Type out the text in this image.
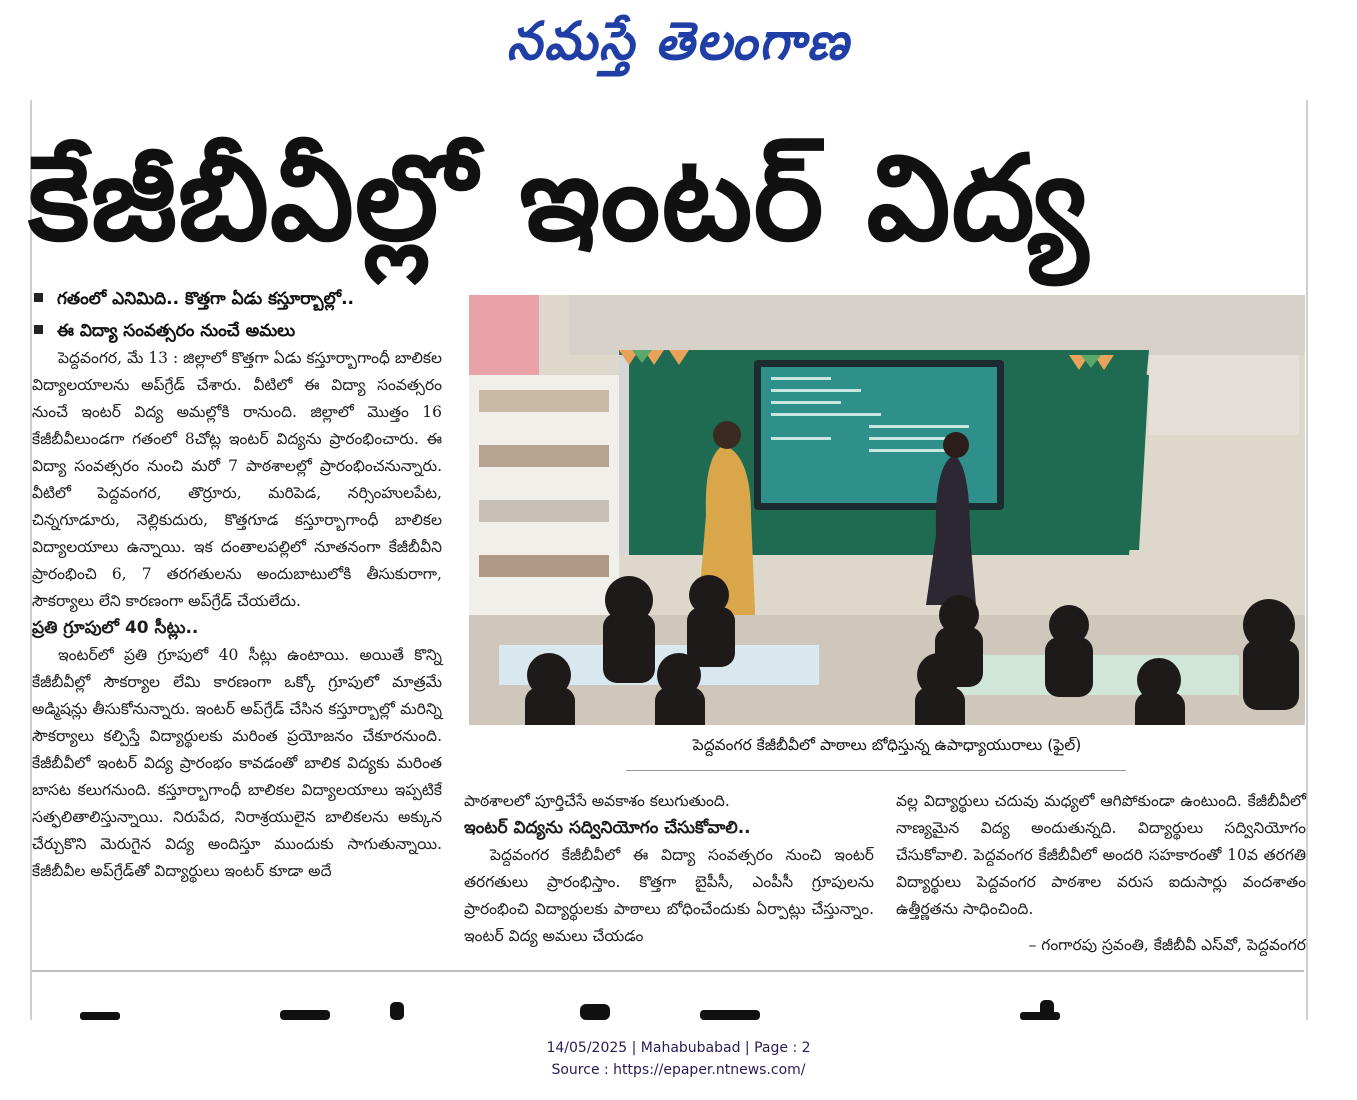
నమస్తే తెలంగాణ
కేజీబీవీల్లో ఇంటర్ విద్య
గతంలో ఎనిమిది.. కొత్తగా ఏడు కస్తూర్బాల్లో..
ఈ విద్యా సంవత్సరం నుంచే అమలు

పెద్దవంగర, మే 13 : జిల్లాలో కొత్తగా ఏడు కస్తూర్బాగాంధీ బాలికల విద్యాలయాలను అప్‌గ్రేడ్ చేశారు. వీటిలో ఈ విద్యా సంవత్సరం నుంచే ఇంటర్ విద్య అమల్లోకి రానుంది. జిల్లాలో మొత్తం 16 కేజీబీవీలుండగా గతంలో 8చోట్ల ఇంటర్ విద్యను ప్రారంభించారు. ఈ విద్యా సంవత్సరం నుంచి మరో 7 పాఠశాలల్లో ప్రారంభించనున్నారు. వీటిలో పెద్దవంగర, తొర్రూరు, మరిపెడ, నర్సింహులపేట, చిన్నగూడూరు, నెల్లికుదురు, కొత్తగూడ కస్తూర్బాగాంధీ బాలికల విద్యాలయాలు ఉన్నాయి. ఇక దంతాలపల్లిలో నూతనంగా కేజీబీవీని ప్రారంభించి 6, 7 తరగతులను అందుబాటులోకి తీసుకురాగా, సౌకర్యాలు లేని కారణంగా అప్‌గ్రేడ్ చేయలేదు.

ప్రతి గ్రూపులో 40 సీట్లు..

ఇంటర్‌లో ప్రతి గ్రూపులో 40 సీట్లు ఉంటాయి. అయితే కొన్ని కేజీబీవీల్లో సౌకర్యాల లేమి కారణంగా ఒక్కో గ్రూపులో మాత్రమే అడ్మిషన్లు తీసుకోనున్నారు. ఇంటర్ అప్‌గ్రేడ్ చేసిన కస్తూర్బాల్లో మరిన్ని సౌకర్యాలు కల్పిస్తే విద్యార్థులకు మరింత ప్రయోజనం చేకూరనుంది. కేజీబీవీలో ఇంటర్ విద్య ప్రారంభం కావడంతో బాలిక విద్యకు మరింత బాసట కలుగనుంది. కస్తూర్బాగాంధీ బాలికల విద్యాలయాలు ఇప్పటికే సత్ఫలితాలిస్తున్నాయి. నిరుపేద, నిరాశ్రయులైన బాలికలను అక్కున చేర్చుకొని మెరుగైన విద్య అందిస్తూ ముందుకు సాగుతున్నాయి. కేజీబీవీల అప్‌గ్రేడ్‌తో విద్యార్థులు ఇంటర్ కూడా అదే

పెద్దవంగర కేజీబీవీలో పాఠాలు బోధిస్తున్న ఉపాధ్యాయురాలు (ఫైల్)

పాఠశాలలో పూర్తిచేసే అవకాశం కలుగుతుంది.

ఇంటర్ విద్యను సద్వినియోగం చేసుకోవాలి..

పెద్దవంగర కేజీబీవీలో ఈ విద్యా సంవత్సరం నుంచి ఇంటర్ తరగతులు ప్రారంభిస్తాం. కొత్తగా బైపీసీ, ఎంపీసీ గ్రూపులను ప్రారంభించి విద్యార్థులకు పాఠాలు బోధించేందుకు ఏర్పాట్లు చేస్తున్నాం. ఇంటర్ విద్య అమలు చేయడం

వల్ల విద్యార్థులు చదువు మధ్యలో ఆగిపోకుండా ఉంటుంది. కేజీబీవీలో నాణ్యమైన విద్య అందుతున్నది. విద్యార్థులు సద్వినియోగం చేసుకోవాలి. పెద్దవంగర కేజీబీవీలో అందరి సహకారంతో 10వ తరగతి విద్యార్థులు పెద్దవంగర పాఠశాల వరుస ఐదుసార్లు వందశాతం ఉత్తీర్ణతను సాధించింది.

– గంగారపు స్రవంతి, కేజీబీవీ ఎస్‌వో, పెద్దవంగర
14/05/2025 | Mahabubabad | Page : 2
Source : https://epaper.ntnews.com/
